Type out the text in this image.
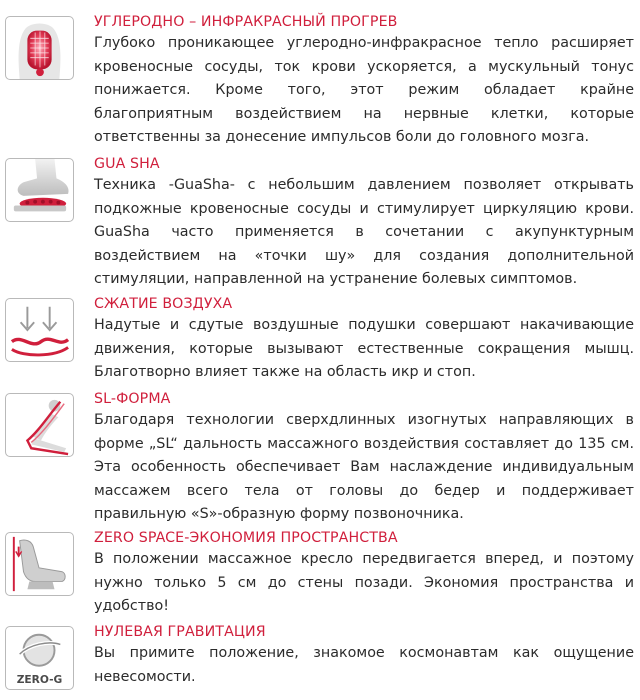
УГЛЕРОДНО – ИНФРАКРАСНЫЙ ПРОГРЕВ

Глубоко проникающее углеродно-инфракрасное тепло расширяет кровеносные сосуды, ток крови ускоряется, а мускульный тонус понижается. Кроме того, этот режим обладает крайне благоприятным воздействием на нервные клетки, которые ответственны за донесение импульсов боли до головного мозга.

GUA SHA

Техника -GuaSha- с небольшим давлением позволяет открывать подкожные кровеносные сосуды и стимулирует циркуляцию крови. GuaSha часто применяется в сочетании с акупунктурным воздействием на «точки шу» для создания дополнительной стимуляции, направленной на устранение болевых симптомов.

СЖАТИЕ ВОЗДУХА

Надутые и сдутые воздушные подушки совершают накачивающие движения, которые вызывают естественные сокращения мышц. Благотворно влияет также на область икр и стоп.

SL-ФОРМА

Благодаря технологии сверхдлинных изогнутых направляющих в форме „SL“ дальность массажного воздействия составляет до 135 см. Эта особенность обеспечивает Вам наслаждение индивидуальным массажем всего тела от головы до бедер и поддерживает правильную «S»-образную форму позвоночника.

ZERO SPACE-ЭКОНОМИЯ ПРОСТРАНСТВА

В положении массажное кресло передвигается вперед, и поэтому нужно только 5 см до стены позади. Экономия пространства и удобство!

ZERO-G
НУЛЕВАЯ ГРАВИТАЦИЯ

Вы примите положение, знакомое космонавтам как ощущение невесомости.
